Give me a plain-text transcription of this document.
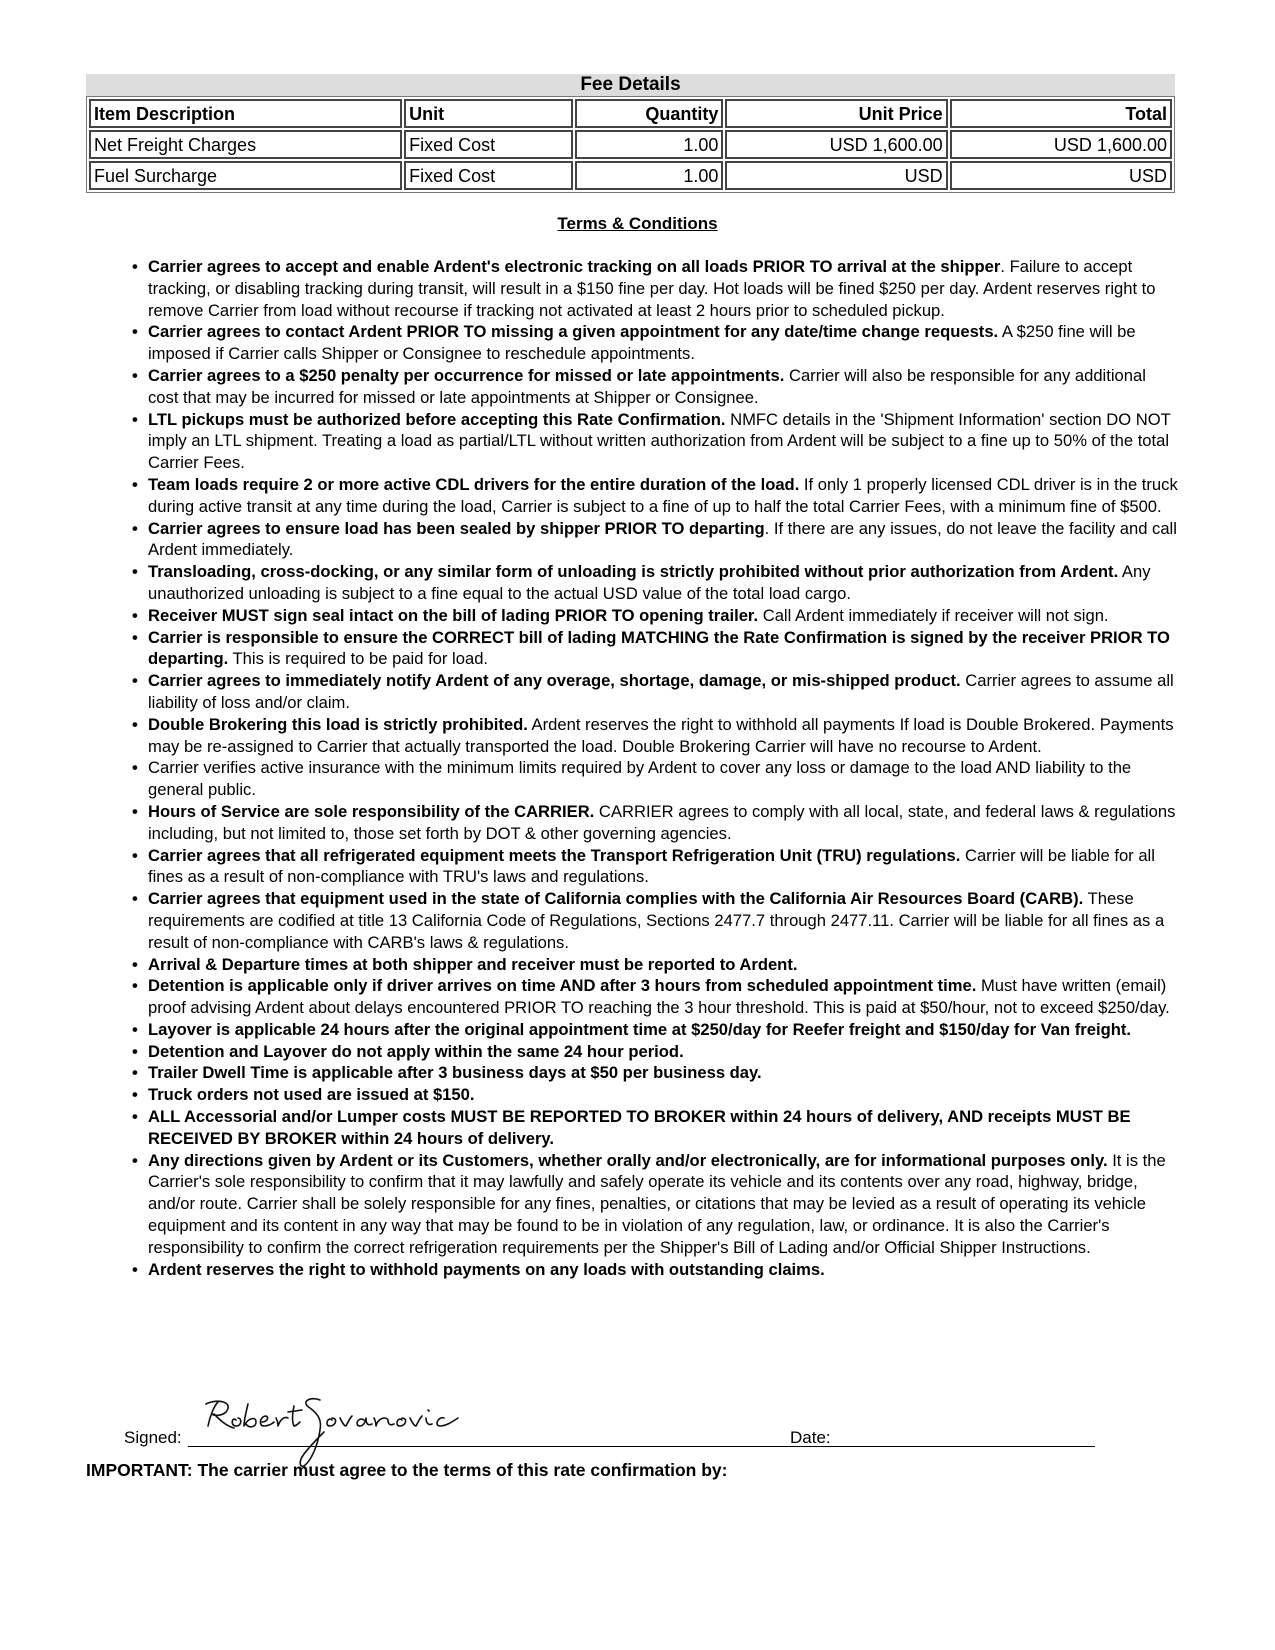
Fee Details
Item Description	Unit	Quantity	Unit Price	Total
Net Freight Charges	Fixed Cost	1.00	USD 1,600.00	USD 1,600.00
Fuel Surcharge	Fixed Cost	1.00	USD	USD
Terms & Conditions
• Carrier agrees to accept and enable Ardent's electronic tracking on all loads PRIOR TO arrival at the shipper. Failure to accept tracking, or disabling tracking during transit, will result in a $150 fine per day. Hot loads will be fined $250 per day. Ardent reserves right to remove Carrier from load without recourse if tracking not activated at least 2 hours prior to scheduled pickup.
• Carrier agrees to contact Ardent PRIOR TO missing a given appointment for any date/time change requests. A $250 fine will be imposed if Carrier calls Shipper or Consignee to reschedule appointments.
• Carrier agrees to a $250 penalty per occurrence for missed or late appointments. Carrier will also be responsible for any additional cost that may be incurred for missed or late appointments at Shipper or Consignee.
• LTL pickups must be authorized before accepting this Rate Confirmation. NMFC details in the 'Shipment Information' section DO NOT imply an LTL shipment. Treating a load as partial/LTL without written authorization from Ardent will be subject to a fine up to 50% of the total Carrier Fees.
• Team loads require 2 or more active CDL drivers for the entire duration of the load. If only 1 properly licensed CDL driver is in the truck during active transit at any time during the load, Carrier is subject to a fine of up to half the total Carrier Fees, with a minimum fine of $500.
• Carrier agrees to ensure load has been sealed by shipper PRIOR TO departing. If there are any issues, do not leave the facility and call Ardent immediately.
• Transloading, cross-docking, or any similar form of unloading is strictly prohibited without prior authorization from Ardent. Any unauthorized unloading is subject to a fine equal to the actual USD value of the total load cargo.
• Receiver MUST sign seal intact on the bill of lading PRIOR TO opening trailer. Call Ardent immediately if receiver will not sign.
• Carrier is responsible to ensure the CORRECT bill of lading MATCHING the Rate Confirmation is signed by the receiver PRIOR TO departing. This is required to be paid for load.
• Carrier agrees to immediately notify Ardent of any overage, shortage, damage, or mis-shipped product. Carrier agrees to assume all liability of loss and/or claim.
• Double Brokering this load is strictly prohibited. Ardent reserves the right to withhold all payments If load is Double Brokered. Payments may be re-assigned to Carrier that actually transported the load. Double Brokering Carrier will have no recourse to Ardent.
• Carrier verifies active insurance with the minimum limits required by Ardent to cover any loss or damage to the load AND liability to the general public.
• Hours of Service are sole responsibility of the CARRIER. CARRIER agrees to comply with all local, state, and federal laws & regulations including, but not limited to, those set forth by DOT & other governing agencies.
• Carrier agrees that all refrigerated equipment meets the Transport Refrigeration Unit (TRU) regulations. Carrier will be liable for all fines as a result of non-compliance with TRU's laws and regulations.
• Carrier agrees that equipment used in the state of California complies with the California Air Resources Board (CARB). These requirements are codified at title 13 California Code of Regulations, Sections 2477.7 through 2477.11. Carrier will be liable for all fines as a result of non-compliance with CARB's laws & regulations.
• Arrival & Departure times at both shipper and receiver must be reported to Ardent.
• Detention is applicable only if driver arrives on time AND after 3 hours from scheduled appointment time. Must have written (email) proof advising Ardent about delays encountered PRIOR TO reaching the 3 hour threshold. This is paid at $50/hour, not to exceed $250/day.
• Layover is applicable 24 hours after the original appointment time at $250/day for Reefer freight and $150/day for Van freight.
• Detention and Layover do not apply within the same 24 hour period.
• Trailer Dwell Time is applicable after 3 business days at $50 per business day.
• Truck orders not used are issued at $150.
• ALL Accessorial and/or Lumper costs MUST BE REPORTED TO BROKER within 24 hours of delivery, AND receipts MUST BE RECEIVED BY BROKER within 24 hours of delivery.
• Any directions given by Ardent or its Customers, whether orally and/or electronically, are for informational purposes only. It is the Carrier's sole responsibility to confirm that it may lawfully and safely operate its vehicle and its contents over any road, highway, bridge, and/or route. Carrier shall be solely responsible for any fines, penalties, or citations that may be levied as a result of operating its vehicle equipment and its content in any way that may be found to be in violation of any regulation, law, or ordinance. It is also the Carrier's responsibility to confirm the correct refrigeration requirements per the Shipper's Bill of Lading and/or Official Shipper Instructions.
• Ardent reserves the right to withhold payments on any loads with outstanding claims.
Signed:	Date:
IMPORTANT: The carrier must agree to the terms of this rate confirmation by:
